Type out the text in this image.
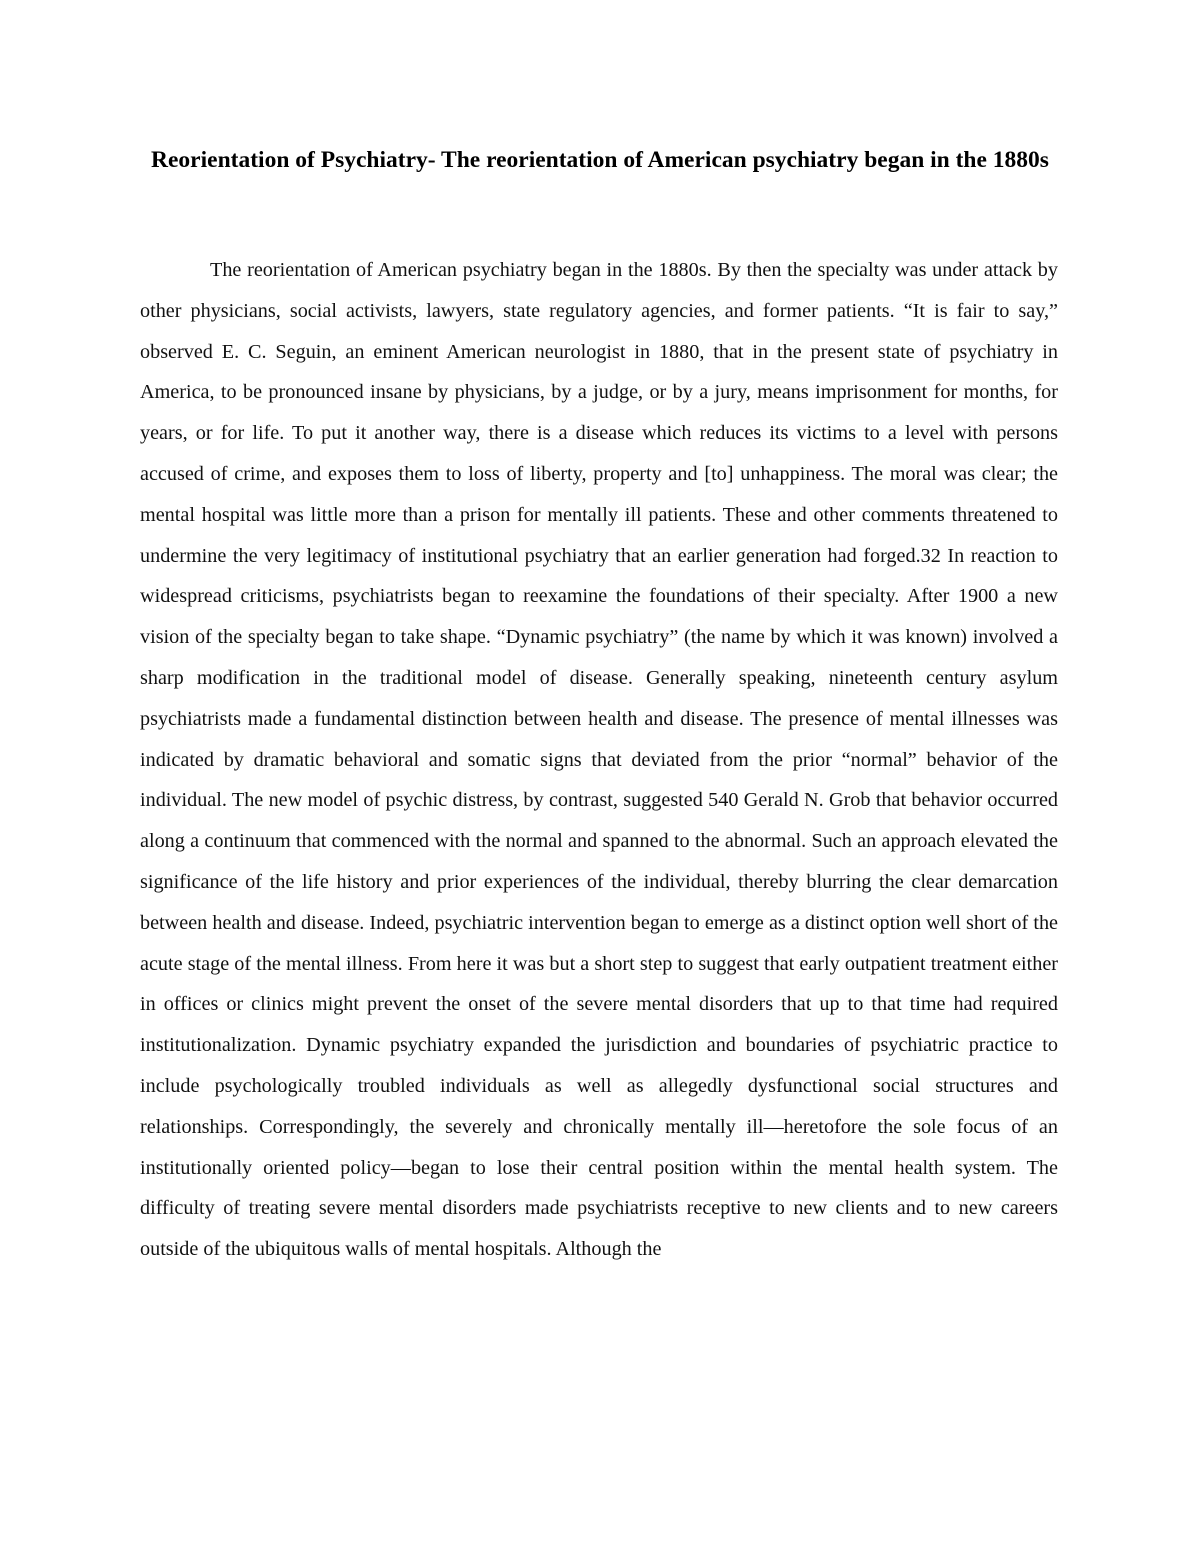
Reorientation of Psychiatry- The reorientation of American psychiatry began in the 1880s

The reorientation of American psychiatry began in the 1880s. By then the specialty was under attack by other physicians, social activists, lawyers, state regulatory agencies, and former patients. “It is fair to say,” observed E. C. Seguin, an eminent American neurologist in 1880, that in the present state of psychiatry in America, to be pronounced insane by physicians, by a judge, or by a jury, means imprisonment for months, for years, or for life. To put it another way, there is a disease which reduces its victims to a level with persons accused of crime, and exposes them to loss of liberty, property and [to] unhappiness. The moral was clear; the mental hospital was little more than a prison for mentally ill patients. These and other comments threatened to undermine the very legitimacy of institutional psychiatry that an earlier generation had forged.32 In reaction to widespread criticisms, psychiatrists began to reexamine the foundations of their specialty. After 1900 a new vision of the specialty began to take shape. “Dynamic psychiatry” (the name by which it was known) involved a sharp modification in the traditional model of disease. Generally speaking, nineteenth century asylum psychiatrists made a fundamental distinction between health and disease. The presence of mental illnesses was indicated by dramatic behavioral and somatic signs that deviated from the prior “normal” behavior of the individual. The new model of psychic distress, by contrast, suggested 540 Gerald N. Grob that behavior occurred along a continuum that commenced with the normal and spanned to the abnormal. Such an approach elevated the significance of the life history and prior experiences of the individual, thereby blurring the clear demarcation between health and disease. Indeed, psychiatric intervention began to emerge as a distinct option well short of the acute stage of the mental illness. From here it was but a short step to suggest that early outpatient treatment either in offices or clinics might prevent the onset of the severe mental disorders that up to that time had required institutionalization. Dynamic psychiatry expanded the jurisdiction and boundaries of psychiatric practice to include psychologically troubled individuals as well as allegedly dysfunctional social structures and relationships. Correspondingly, the severely and chronically mentally ill—heretofore the sole focus of an institutionally oriented policy—began to lose their central position within the mental health system. The difficulty of treating severe mental disorders made psychiatrists receptive to new clients and to new careers outside of the ubiquitous walls of mental hospitals. Although the
